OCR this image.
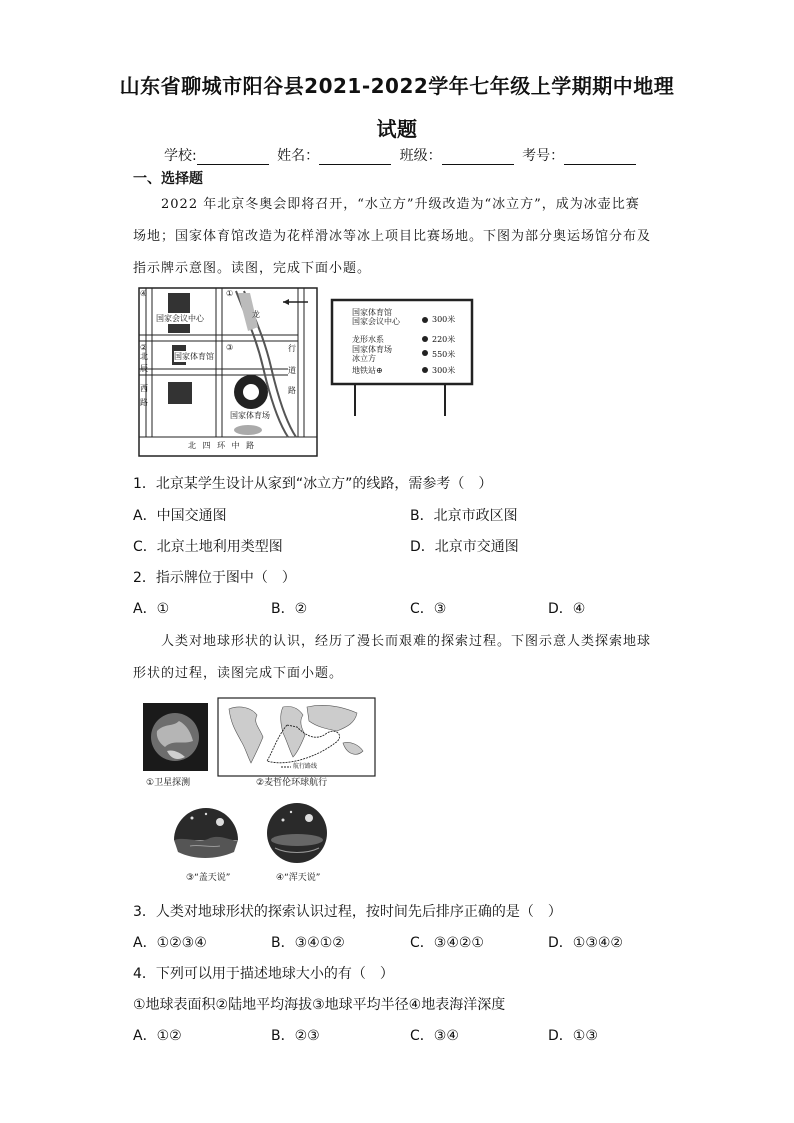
山东省聊城市阳谷县2021-2022学年七年级上学期期中地理
试题
学校:	姓名：	班级：	考号：
一、选择题
2022 年北京冬奥会即将召开，“水立方”升级改造为“冰立方”，成为冰壶比赛
场地；国家体育馆改造为花样滑冰等冰上项目比赛场地。下图为部分奥运场馆分布及
指示牌示意图。读图，完成下面小题。
④	①
②	③
国家会议中心
国家体育馆
国家体育场
北
辰
西
路
龙
行
道
路
北 四 环 中 路
国家体育馆
国家会议中心	300米
龙形水系	220米
国家体育场
冰立方	550米
地铁站⊕	300米
1．北京某学生设计从家到“冰立方”的线路，需参考（　）
A．中国交通图	B．北京市政区图
C．北京土地利用类型图	D．北京市交通图
2．指示牌位于图中（　）
A．①	B．②	C．③	D．④
人类对地球形状的认识，经历了漫长而艰难的探索过程。下图示意人类探索地球
形状的过程，读图完成下面小题。
①卫星探测
航行路线
②麦哲伦环球航行
③“盖天说”	④“浑天说”
3．人类对地球形状的探索认识过程，按时间先后排序正确的是（　）
A．①②③④	B．③④①②	C．③④②①	D．①③④②
4．下列可以用于描述地球大小的有（　）
①地球表面积②陆地平均海拔③地球平均半径④地表海洋深度
A．①②	B．②③	C．③④	D．①③
